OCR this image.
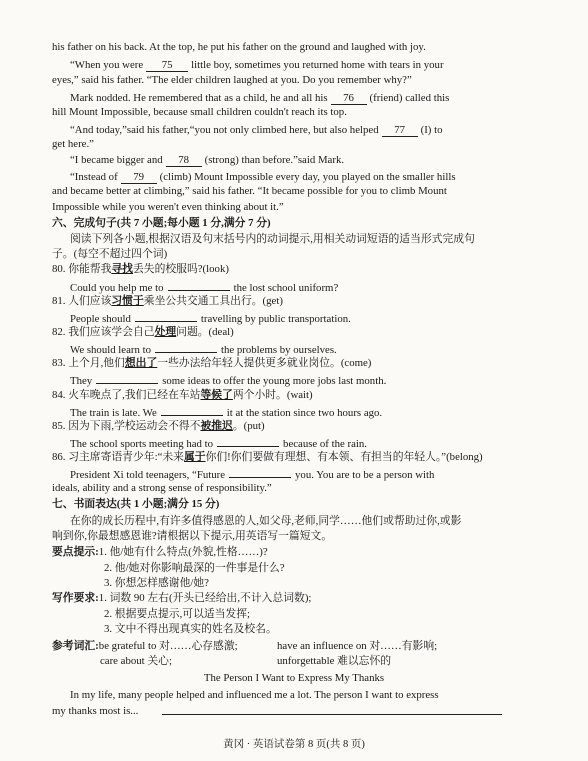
his father on his back. At the top, he put his father on the ground and laughed with joy.
“When you were 75 little boy, sometimes you returned home with tears in your
eyes,” said his father. “The elder children laughed at you. Do you remember why?”
Mark nodded. He remembered that as a child, he and all his 76 (friend) called this
hill Mount Impossible, because small children couldn't reach its top.
“And today,”said his father,“you not only climbed here, but also helped 77 (I) to
get here.”
“I became bigger and 78 (strong) than before.”said Mark.
“Instead of 79 (climb) Mount Impossible every day, you played on the smaller hills
and became better at climbing,” said his father. “It became possible for you to climb Mount
Impossible while you weren't even thinking about it.”
六、完成句子(共 7 小题;每小题 1 分,满分 7 分)
阅读下列各小题,根据汉语及句末括号内的动词提示,用相关动词短语的适当形式完成句
子。(每空不超过四个词)
80. 你能帮我寻找丢失的校服吗?(look)
Could you help me to	the lost school uniform?
81. 人们应该习惯于乘坐公共交通工具出行。(get)
People should	travelling by public transportation.
82. 我们应该学会自己处理问题。(deal)
We should learn to	the problems by ourselves.
83. 上个月,他们想出了一些办法给年轻人提供更多就业岗位。(come)
They	some ideas to offer the young more jobs last month.
84. 火车晚点了,我们已经在车站等候了两个小时。(wait)
The train is late. We	it at the station since two hours ago.
85. 因为下雨,学校运动会不得不被推迟。(put)
The school sports meeting had to	because of the rain.
86. 习主席寄语青少年:“未来属于你们!你们要做有理想、有本领、有担当的年轻人。”(belong)
President Xi told teenagers, “Future	you. You are to be a person with
ideals, ability and a strong sense of responsibility.”
七、书面表达(共 1 小题;满分 15 分)
在你的成长历程中,有许多值得感恩的人,如父母,老师,同学……他们或帮助过你,或影
响到你,你最想感恩谁?请根据以下提示,用英语写一篇短文。
要点提示:1. 他/她有什么特点(外貌,性格……)?
2. 他/她对你影响最深的一件事是什么?
3. 你想怎样感谢他/她?
写作要求:1. 词数 90 左右(开头已经给出,不计入总词数);
2. 根据要点提示,可以适当发挥;
3. 文中不得出现真实的姓名及校名。
参考词汇:be grateful to 对……心存感激;	have an influence on 对……有影响;
care about 关心;	unforgettable 难以忘怀的
The Person I Want to Express My Thanks
In my life, many people helped and influenced me a lot. The person I want to express
my thanks most is...
黄冈 · 英语试卷第 8 页(共 8 页)
